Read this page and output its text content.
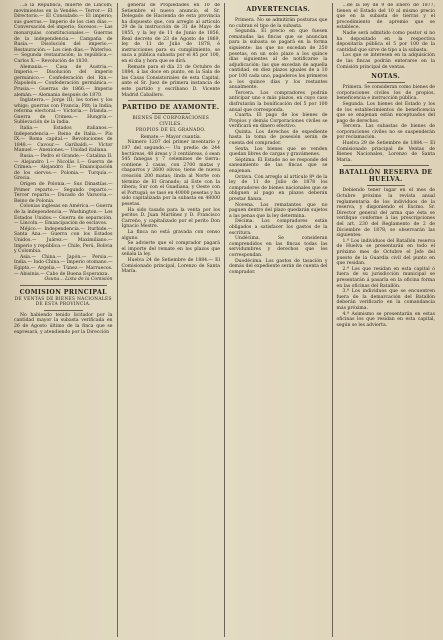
...a la República, muerte de Lincoln; movimientos en la Vendée.— Terror.— El Directorio.— El Consulado.— El imperio; sus guerras.— Imperio de los cien días.— Conversación del imperio; Sucesos.— Las monarquías constitucionales.— Guerras de la independencia.— Campaña de Rusia.— Disolución del imperio.— Restauración.— Los cien días.— Waterloo.— Segunda restauración; la república.— Carlos X.— Revolución de 1830.

Alemania.— Casa de Austria.— Imperio.— Disolución del imperio germánico.— Confederación del Rin.— Napoleón.— Confederación germánica.— Prusia.— Guerras de 1866.— Imperio alemán.— Alemania después de 1870.

Inglaterra.— Jorge III; los tories y los whigs; guerras con Francia; Pitt; la India; reforma electoral.— Victoria.— Irlanda.— Guerra de Crimea.— Hungría.— Sublevación de la India.

Italia.— Estados italianos.— Independencia.— Reino de Italia.— Pío IX.— Roma capital.— Revoluciones de 1848.— Cavour.— Garibaldi.— Víctor Manuel.— Anexiones.— Unidad italiana.

Rusia.— Pedro el Grande.— Catalina II.— Alejandro I.— Nicolás I.— Guerra de Crimea.— Alejandro II.— Emancipación de los siervos.— Polonia.— Turquía.— Grecia.

Orígen de Polonia.— Sus Dinastías.— Primer reparto.— Segundo reparto.— Tercer reparto.— Ducado de Varsovia.— Reino de Polonia.

Colonias inglesas en América.— Guerra de la independencia.— Washington.— Los Estados Unidos.— Guerra de separación.— Lincoln.— Emancipación de esclavos.

Méjico.— Independencia.— Iturbide.— Santa Ana.— Guerra con los Estados Unidos.— Juárez.— Maximiliano.— Imperio y república.— Chile, Perú, Bolivia y Colombia.

Asia.— China.— Japón.— Persia.— India.— Indo-China.— Imperio otomano.— Egipto.— Argelia.— Túnez.— Marruecos.— Abisinia.— Cabo de Buena Esperanza.

Osuna... Lista de la Comisión

COMISION PRINCIPAL
DE VENTAS DE BIENES NACIONALES DE ESTA PROVINCIA.

No habiendo tenido licitador por la cantidad mayor la subasta verificada en 26 de Agosto último de la finca que se expresará, y atendiendo por la Dirección

general de Propiedades en 10 de Setiembre el nuevo anuncio, el Sr. Delegado de Hacienda de esta provincia ha dispuesto que, con arreglo al artículo 29 de la instrucción de 31 de Mayo de 1855, y la ley de 11 de Junio de 1856, Real decreto de 23 de Agosto de 1869, ley de 11 de Julio de 1878, é instrucciones para su cumplimiento, se saca a pública subasta por el 85 por 100, en el día y hora que se dirá.

Remate para el día 21 de Octubre de 1884, á las doce en punto, en la Sala de las Casas Consistoriales de esta Capital, ante el Sr. Juez de primera instancia de este partido y escribano D. Vicente Madrid Caballero.

PARTIDO DE AYAMONTE.
BIENES DE CORPORACIONES CIVILES.
PROPIOS DE EL GRANADO.

Remate.— Mayor cuantía.

Número 1207 del primer inventario y 197 del segundo.— Un predio de 244 hectáreas, 48 áreas y 3 centiáreas, ó sean 545 fanegas y 7 celemines de tierra: contiene 2 casas, con 2700 matas y chaparros y 2600 olivos; tiene de nueva creación 200 matas; linda al Norte con término de El Granado; al Este con la ribera; Sur con el Guadiana, y Oeste con el Portugal; se tasó en 40000 pesetas y ha sido capitalizada por la subasta en 48000 pesetas.

Ha sido tasado para la venta por los peritos D. Juan Martínez y D. Francisco Carreño, y capitalizado por el perito Don Ignacio Mestre.

La finca no está gravada con censo alguno.

Se advierte que el comprador pagará el importe del remate en los plazos que señala la ley.

Huelva 24 de Setiembre de 1884.— El Comisionado principal, Lorenzo de Santa María.

ADVERTENCIAS.

Primera. No se admitirán posturas que no cubran el tipo de la subasta.

Segunda. El precio en que fuesen rematadas las fincas que se anuncian para la subasta se pagará en la forma siguiente: las que no excedan de 250 pesetas, en un solo plazo a los quince días siguientes al de notificarse la adjudicación; las que excedan de aquella cantidad, en diez plazos iguales de a 10 por 100 cada uno, pagaderos los primeros a los quince días y los restantes anualmente.

Tercera. Los compradores podrán anticipar uno o más plazos, en cuyo caso disfrutarán la bonificación del 5 por 100 anual que corresponda.

Cuarta. El pago de los bienes de Propios y demás Corporaciones civiles se verificará en dinero efectivo.

Quinta. Los derechos de expediente hasta la toma de posesión serán de cuenta del comprador.

Sexta. Los bienes que se venden quedan libres de cargas y gravámenes.

Séptima. El Estado no se responde del saneamiento de las fincas que se enajenan.

Octava. Con arreglo al artículo 8º de la ley de 11 de Julio de 1878 los compradores de bienes nacionales que se obliguen al pago en plazos deberán prestar fianza.

Novena. Los rematantes que no paguen dentro del plazo quedarán sujetos a las penas que la ley determina.

Décima. Los compradores están obligados a satisfacer los gastos de la escritura.

Undécima. Se consideran comprendidos en las fincas todas las servidumbres y derechos que les correspondan.

Duodécima. Los gastos de tasación y demás del expediente serán de cuenta del comprador.

...de la ley de 9 de Enero de 1877, tienen el Estado del 10 al mismo precio que en la subasta de tierras y el procedimiento de apremio que se establece.

Nadie será admitido como postor si no ha depositado en la respectiva depositaría pública el 5 por 100 de la cantidad que sirve de tipo a la subasta.

Los que se interesen en la adquisición de las fincas podrán enterarse en la Comisión principal de ventas.

NOTAS.

Primera. Se consideran como bienes de corporaciones civiles los de propios, beneficencia e instrucción pública.

Segunda. Los bienes del Estado y los de los establecimientos de beneficencia que se enajenan están exceptuados del pago de derechos.

Tercera. Las subastas de bienes de corporaciones civiles no se suspenderán por reclamación.

Huelva 29 de Setiembre de 1884.— El Comisionado principal de Ventas de Bienes Nacionales, Lorenzo de Santa María.

BATALLÓN RESERVA DE HUELVA.

Debiendo tener lugar en el mes de Octubre próximo la revista anual reglamentaria de los individuos de la reserva, y disponiendo el Excmo. Sr. Director general del arma que ésta se verifique conforme á las prescripciones del art. 230 del Reglamento de 2 de Diciembre de 1878, se observarán las siguientes:

1.ª Los individuos del Batallón reserva de Huelva se presentarán en todo el próximo mes de Octubre el Jefe del puesto de la Guardia civil del punto en que residan.

2.ª Los que residan en esta capital ó fuera de su jurisdicción municipal se presentarán á pasarla en la oficina forma en las oficinas del Batallón.

3.ª Los individuos que se encuentren fuera de la demarcación del Batallón deberán verificarlo en la comandancia más próxima.

4.ª Asimismo se presentarán en estas oficinas los que residan en esta capital, según se les advierta.
